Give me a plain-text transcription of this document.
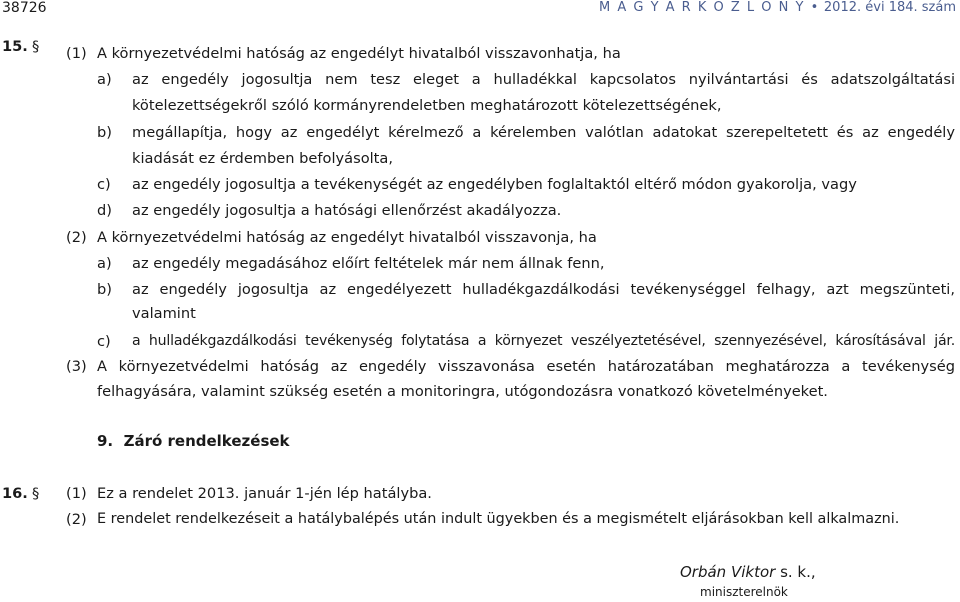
38726	M A G Y A R K Ö Z L Ö N Y • 2012. évi 184. szám
15. § (1) A környezetvédelmi hatóság az engedélyt hivatalból visszavonhatja, ha
a) az engedély jogosultja nem tesz eleget a hulladékkal kapcsolatos nyilvántartási és adatszolgáltatási
kötelezettségekről szóló kormányrendeletben meghatározott kötelezettségének,
b) megállapítja, hogy az engedélyt kérelmező a kérelemben valótlan adatokat szerepeltetett és az engedély
kiadását ez érdemben befolyásolta,
c) az engedély jogosultja a tevékenységét az engedélyben foglaltaktól eltérő módon gyakorolja, vagy
d) az engedély jogosultja a hatósági ellenőrzést akadályozza.
(2) A környezetvédelmi hatóság az engedélyt hivatalból visszavonja, ha
a) az engedély megadásához előírt feltételek már nem állnak fenn,
b) az engedély jogosultja az engedélyezett hulladékgazdálkodási tevékenységgel felhagy, azt megszünteti,
valamint
c) a hulladékgazdálkodási tevékenység folytatása a környezet veszélyeztetésével, szennyezésével, károsításával jár.
(3) A környezetvédelmi hatóság az engedély visszavonása esetén határozatában meghatározza a tevékenység
felhagyására, valamint szükség esetén a monitoringra, utógondozásra vonatkozó követelményeket.
9.  Záró rendelkezések
16. § (1) Ez a rendelet 2013. január 1-jén lép hatályba.
(2) E rendelet rendelkezéseit a hatálybalépés után indult ügyekben és a megismételt eljárásokban kell alkalmazni.
Orbán Viktor s. k.,
miniszterelnök
